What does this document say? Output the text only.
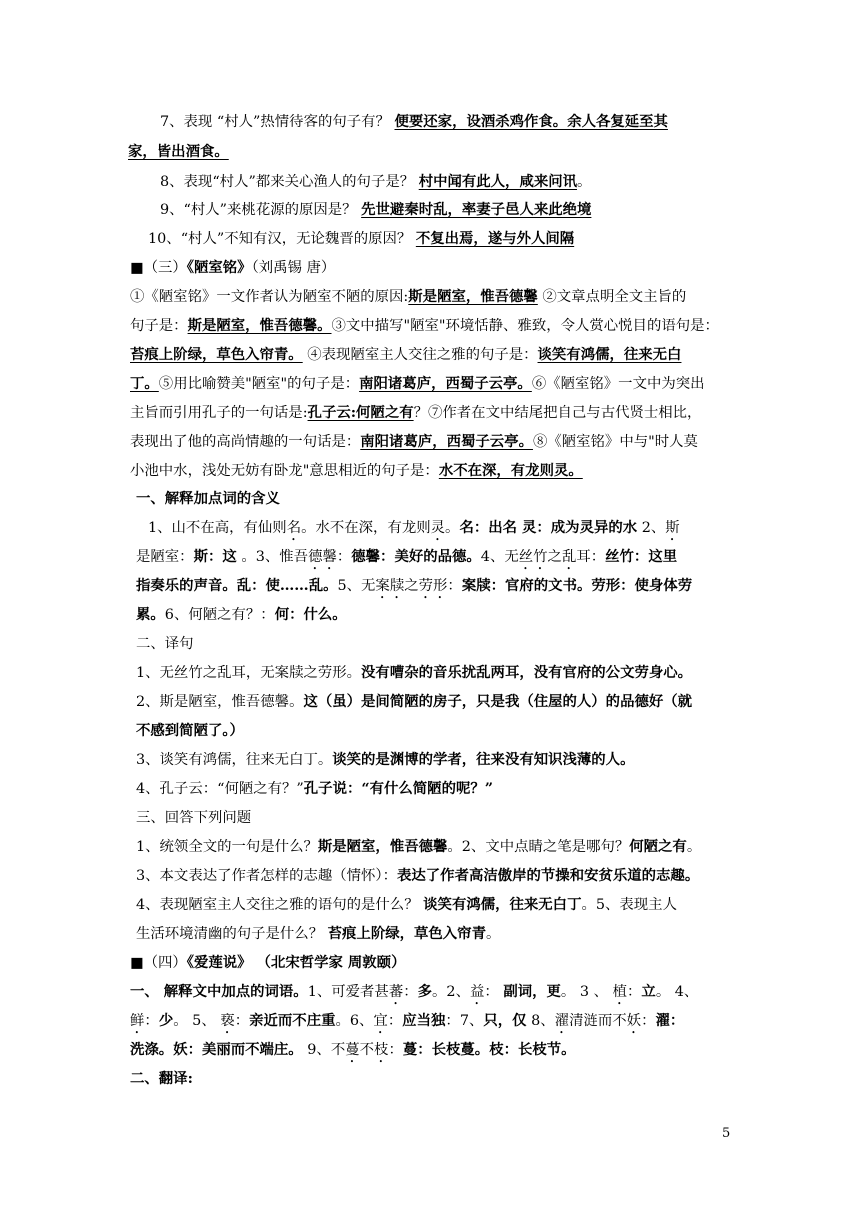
7、表现 “村人”热情待客的句子有？ 便要还家，设酒杀鸡作食。余人各复延至其
家，皆出酒食。
8、表现“村人”都来关心渔人的句子是？ 村中闻有此人，咸来问讯。
9、“村人”来桃花源的原因是？ 先世避秦时乱，率妻子邑人来此绝境
10、“村人”不知有汉，无论魏晋的原因？ 不复出焉，遂与外人间隔
■（三）《陋室铭》（刘禹锡 唐）
①《陋室铭》一文作者认为陋室不陋的原因:斯是陋室，惟吾德馨 ②文章点明全文主旨的
句子是：斯是陋室，惟吾德馨。③文中描写"陋室"环境恬静、雅致，令人赏心悦目的语句是：
苔痕上阶绿，草色入帘青。 ④表现陋室主人交往之雅的句子是：谈笑有鸿儒，往来无白
丁。⑤用比喻赞美"陋室"的句子是：南阳诸葛庐，西蜀子云亭。⑥《陋室铭》一文中为突出
主旨而引用孔子的一句话是:孔子云:何陋之有？⑦作者在文中结尾把自己与古代贤士相比，
表现出了他的高尚情趣的一句话是：南阳诸葛庐，西蜀子云亭。⑧《陋室铭》中与"时人莫
小池中水，浅处无妨有卧龙"意思相近的句子是：水不在深，有龙则灵。
一、解释加点词的含义
1、山不在高，有仙则名。水不在深，有龙则灵。名：出名 灵：成为灵异的水 2、斯
是陋室：斯：这 。3、惟吾德馨：德馨：美好的品德。4、无丝竹之乱耳：丝竹：这里
指奏乐的声音。乱：使……乱。5、无案牍之劳形：案牍：官府的文书。劳形：使身体劳
累。6、何陋之有？：何：什么。
二、译句
1、无丝竹之乱耳，无案牍之劳形。没有嘈杂的音乐扰乱两耳，没有官府的公文劳身心。
2、斯是陋室，惟吾德馨。这（虽）是间简陋的房子，只是我（住屋的人）的品德好（就
不感到简陋了。）
3、谈笑有鸿儒，往来无白丁。谈笑的是渊博的学者，往来没有知识浅薄的人。
4、孔子云：“何陋之有？”孔子说：“有什么简陋的呢？”
三、回答下列问题
1、统领全文的一句是什么？斯是陋室，惟吾德馨。2、文中点睛之笔是哪句？何陋之有。
3、本文表达了作者怎样的志趣（情怀）：表达了作者高洁傲岸的节操和安贫乐道的志趣。
4、表现陋室主人交往之雅的语句的是什么？ 谈笑有鸿儒，往来无白丁。5、表现主人
生活环境清幽的句子是什么？ 苔痕上阶绿，草色入帘青。
■（四）《爱莲说》 （北宋哲学家 周敦颐）
一、 解释文中加点的词语。1、可爱者甚蕃：多。2、益： 副词，更。 3 、 植：立。 4、
鲜：少。 5、 亵：亲近而不庄重。6、宜：应当独：7、只，仅 8、濯清涟而不妖：濯：
洗涤。妖：美丽而不端庄。 9、不蔓不枝：蔓：长枝蔓。枝：长枝节。
二、翻译:
5
